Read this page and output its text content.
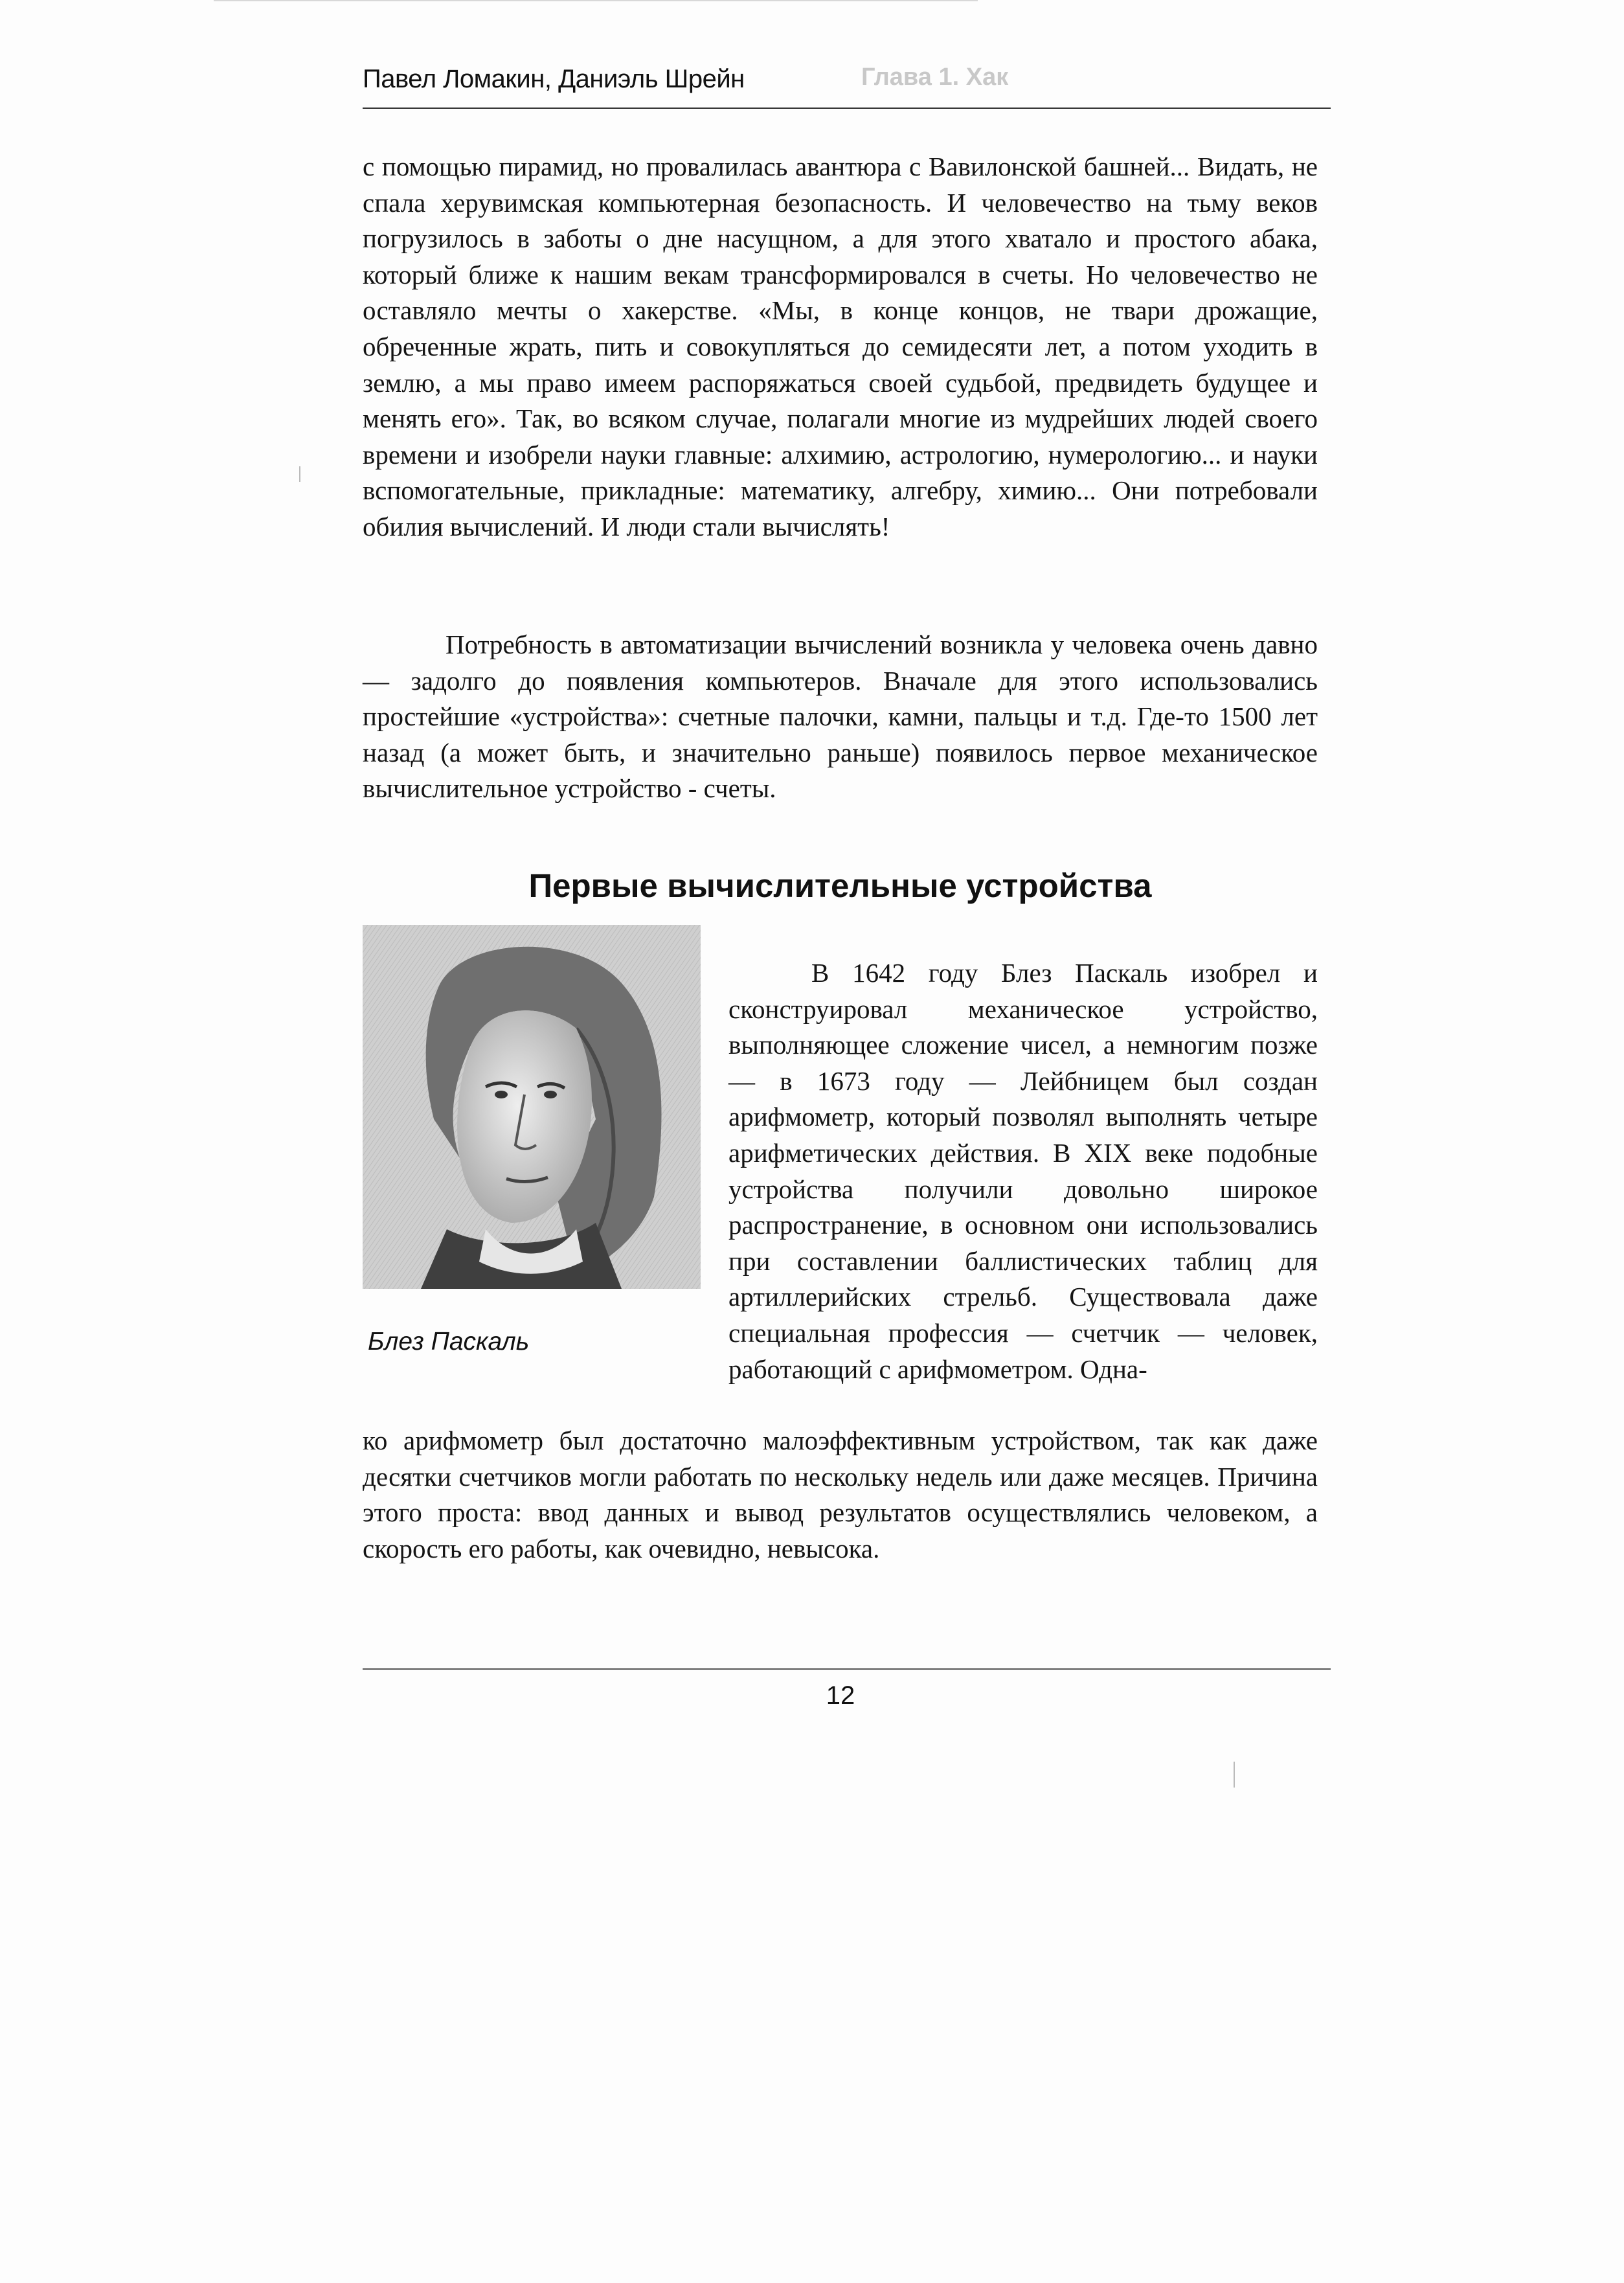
Павел Ломакин, Даниэль Шрейн	Глава 1. Хак

с помощью пирамид, но провалилась авантюра с Вавилонской башней... Видать, не спала херувимская компьютерная безопасность. И человечество на тьму веков погрузилось в заботы о дне насущном, а для этого хватало и простого абака, который ближе к нашим векам трансформировался в счеты. Но человечество не оставляло мечты о хакерстве. «Мы, в конце концов, не твари дрожащие, обреченные жрать, пить и совокупляться до семидесяти лет, а потом уходить в землю, а мы право имеем распоряжаться своей судьбой, предвидеть будущее и менять его». Так, во всяком случае, полагали многие из мудрейших людей своего времени и изобрели науки главные: алхимию, астрологию, нумерологию... и науки вспомогательные, прикладные: математику, алгебру, химию... Они потребовали обилия вычислений. И люди стали вычислять!

Потребность в автоматизации вычислений возникла у человека очень давно — задолго до появления компьютеров. Вначале для этого использовались простейшие «устройства»: счетные палочки, камни, пальцы и т.д. Где-то 1500 лет назад (а может быть, и значительно раньше) появилось первое механическое вычислительное устройство - счеты.

Первые вычислительные устройства
Блез Паскаль

В 1642 году Блез Паскаль изобрел и сконструировал механическое устройство, выполняющее сложение чисел, а немногим позже — в 1673 году — Лейбницем был создан арифмометр, который позволял выполнять четыре арифметических действия. В XIX веке подобные устройства получили довольно широкое распространение, в основном они использовались при составлении баллистических таблиц для артиллерийских стрельб. Существовала даже специальная профессия — счетчик — человек, работающий с арифмометром. Одна-

ко арифмометр был достаточно малоэффективным устройством, так как даже десятки счетчиков могли работать по нескольку недель или даже месяцев. Причина этого проста: ввод данных и вывод результатов осуществлялись человеком, а скорость его работы, как очевидно, невысока.

12
